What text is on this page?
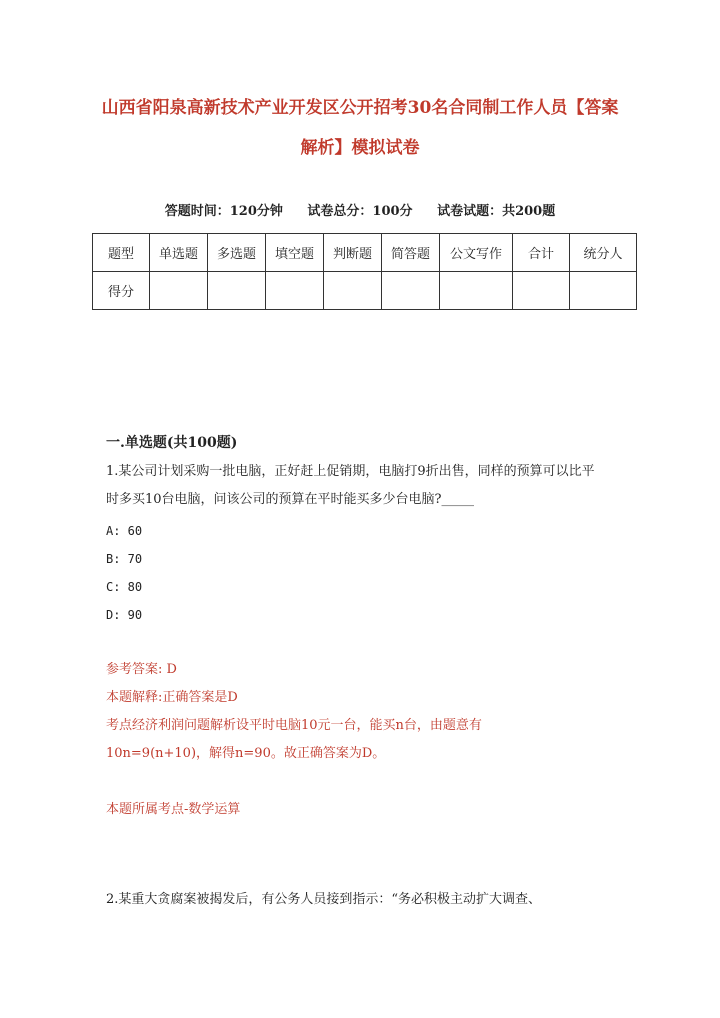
山西省阳泉高新技术产业开发区公开招考30名合同制工作人员【答案解析】模拟试卷
答题时间：120分钟 试卷总分：100分 试卷试题：共200题
题型	单选题	多选题	填空题	判断题	简答题	公文写作	合计	统分人
得分								
一.单选题(共100题)
1.某公司计划采购一批电脑，正好赶上促销期，电脑打9折出售，同样的预算可以比平时多买10台电脑，问该公司的预算在平时能买多少台电脑?_____
A: 60
B: 70
C: 80
D: 90
参考答案: D
本题解释:正确答案是D
考点经济利润问题解析设平时电脑10元一台，能买n台，由题意有
10n=9(n+10)，解得n=90。故正确答案为D。
本题所属考点-数学运算
2.某重大贪腐案被揭发后，有公务人员接到指示：“务必积极主动扩大调查、
